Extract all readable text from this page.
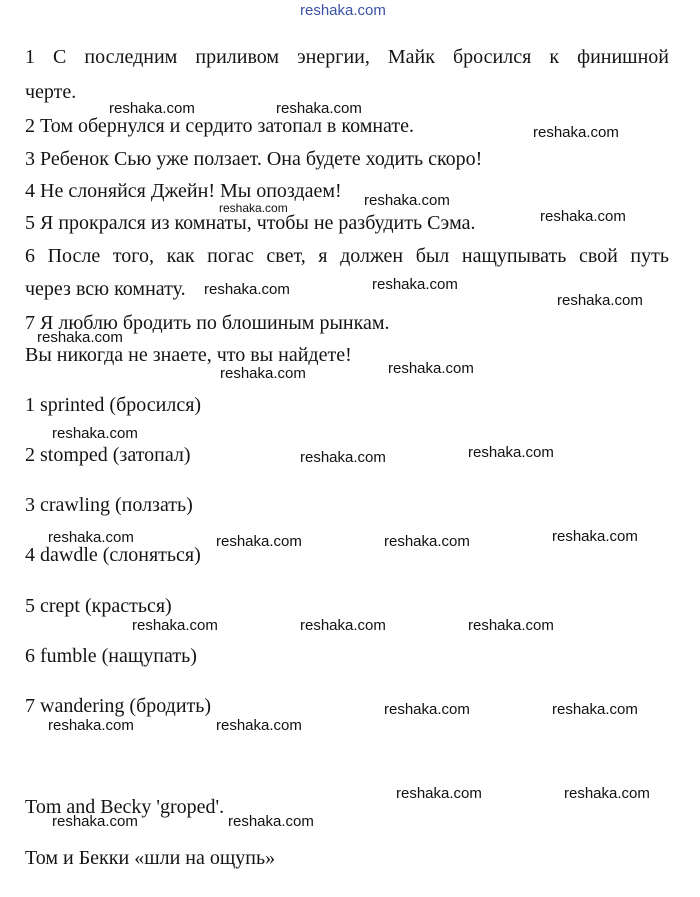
reshaka.com
1 С последним приливом энергии, Майк бросился к финишной
черте.
2 Том обернулся и сердито затопал в комнате.
3 Ребенок Сью уже ползает. Она будете ходить скоро!
4 Не слоняйся Джейн! Мы опоздаем!
5 Я прокрался из комнаты, чтобы не разбудить Сэма.
6 После того, как погас свет, я должен был нащупывать свой путь
через всю комнату.
7 Я люблю бродить по блошиным рынкам.
Вы никогда не знаете, что вы найдете!
1 sprinted (бросился)
2 stomped (затопал)
3 crawling (ползать)
4 dawdle (слоняться)
5 crept (красться)
6 fumble (нащупать)
7 wandering (бродить)
Tom and Becky 'groped'.
Том и Бекки «шли на ощупь»
reshaka.com	reshaka.com
reshaka.com
reshaka.com
reshaka.com	reshaka.com
reshaka.com
reshaka.com
reshaka.com
reshaka.com
reshaka.com
reshaka.com
reshaka.com
reshaka.com
reshaka.com
reshaka.com	reshaka.com
reshaka.com	reshaka.com
reshaka.com	reshaka.com	reshaka.com
reshaka.com	reshaka.com
reshaka.com	reshaka.com
reshaka.com	reshaka.com
reshaka.com	reshaka.com
